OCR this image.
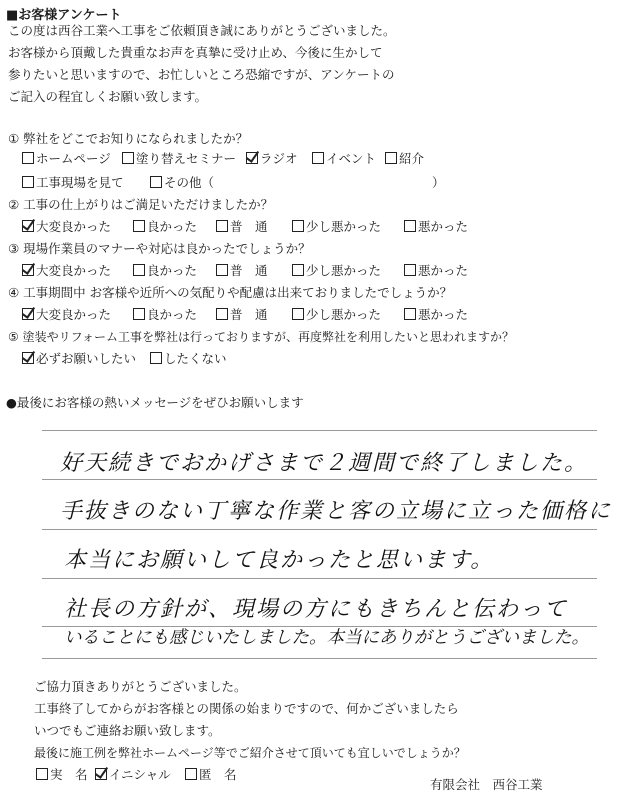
■お客様アンケート
この度は西谷工業へ工事をご依頼頂き誠にありがとうございました。
お客様から頂戴した貴重なお声を真摯に受け止め、今後に生かして
参りたいと思いますので、お忙しいところ恐縮ですが、アンケートの
ご記入の程宜しくお願い致します。
① 弊社をどこでお知りになられましたか？
ホームページ	塗り替えセミナー	ラジオ	イベント	紹介
工事現場を見て	その他（	）
② 工事の仕上がりはご満足いただけましたか？
大変良かった	良かった	普　通	少し悪かった	悪かった
③ 現場作業員のマナーや対応は良かったでしょうか？
大変良かった	良かった	普　通	少し悪かった	悪かった
④ 工事期間中 お客様や近所への気配りや配慮は出来ておりましたでしょうか？
大変良かった	良かった	普　通	少し悪かった	悪かった
⑤ 塗装やリフォーム工事を弊社は行っておりますが、再度弊社を利用したいと思われますか？
必ずお願いしたい	したくない
●最後にお客様の熱いメッセージをぜひお願いします
好天続きでおかげさまで２週間で終了しました。
手抜きのない丁寧な作業と客の立場に立った価格に
本当にお願いして良かったと思います。
社長の方針が、現場の方にもきちんと伝わって
いることにも感じいたしました。本当にありがとうございました。
ご協力頂きありがとうございました。
工事終了してからがお客様との関係の始まりですので、何かございましたら
いつでもご連絡お願い致します。
最後に施工例を弊社ホームページ等でご紹介させて頂いても宜しいでしょうか？
実　名	イニシャル	匿　名
有限会社　西谷工業
